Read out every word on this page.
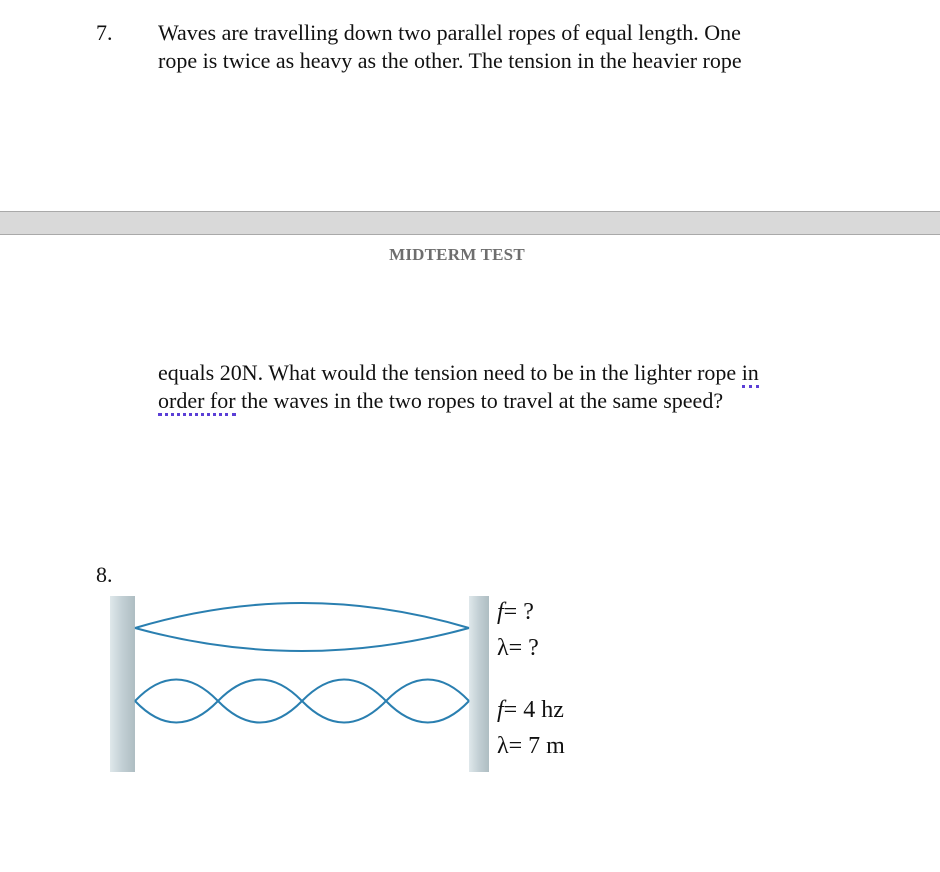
7. Waves are travelling down two parallel ropes of equal length. One
rope is twice as heavy as the other. The tension in the heavier rope
MIDTERM TEST
equals 20N. What would the tension need to be in the lighter rope in
order for the waves in the two ropes to travel at the same speed?
8.
f= ?
λ= ?
f= 4 hz
λ= 7 m
